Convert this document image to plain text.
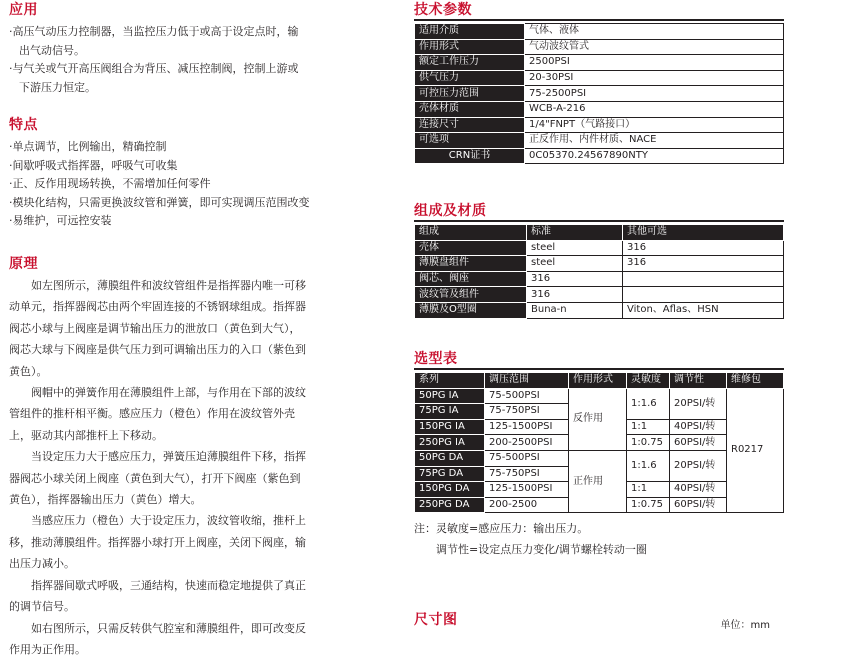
应用
·高压气动压力控制器，当监控压力低于或高于设定点时，输
出气动信号。
·与气关或气开高压阀组合为背压、减压控制阀，控制上游或
下游压力恒定。
特点
·单点调节，比例输出，精确控制
·间歇呼吸式指挥器，呼吸气可收集
·正、反作用现场转换，不需增加任何零件
·模块化结构，只需更换波纹管和弹簧，即可实现调压范围改变
·易维护，可远控安装
原理
　　如左图所示，薄膜组件和波纹管组件是指挥器内唯一可移
动单元，指挥器阀芯由两个牢固连接的不锈钢球组成。指挥器
阀芯小球与上阀座是调节输出压力的泄放口（黄色到大气），
阀芯大球与下阀座是供气压力到可调输出压力的入口（紫色到
黄色）。
　　阀帽中的弹簧作用在薄膜组件上部，与作用在下部的波纹
管组件的推杆相平衡。感应压力（橙色）作用在波纹管外壳
上，驱动其内部推杆上下移动。
　　当设定压力大于感应压力，弹簧压迫薄膜组件下移，指挥
器阀芯小球关闭上阀座（黄色到大气），打开下阀座（紫色到
黄色），指挥器输出压力（黄色）增大。
　　当感应压力（橙色）大于设定压力，波纹管收缩，推杆上
移，推动薄膜组件。指挥器小球打开上阀座，关闭下阀座，输
出压力减小。
　　指挥器间歇式呼吸，三通结构，快速而稳定地提供了真正
的调节信号。
　　如右图所示，只需反转供气腔室和薄膜组件，即可改变反
作用为正作用。
技术参数
适用介质	气体、液体
作用形式	气动波纹管式
额定工作压力	2500PSI
供气压力	20-30PSI
可控压力范围	75-2500PSI
壳体材质	WCB-A-216
连接尺寸	1/4"FNPT（气路接口）
可选项	正反作用、内件材质、NACE
CRN证书	0C05370.24567890NTY
组成及材质
组成	标准	其他可选
壳体	steel	316
薄膜盘组件	steel	316
阀芯、阀座	316	
波纹管及组件	316	
薄膜及O型圈	Buna-n	Viton、Aflas、HSN
选型表
系列	调压范围	作用形式	灵敏度	调节性	维修包
50PG IA	75-500PSI	反作用	1:1.6	20PSI/转	R0217
75PG IA	75-750PSI				
150PG IA	125-1500PSI		1:1	40PSI/转	
250PG IA	200-2500PSI		1:0.75	60PSI/转	
50PG DA	75-500PSI	正作用	1:1.6	20PSI/转	
75PG DA	75-750PSI				
150PG DA	125-1500PSI		1:1	40PSI/转	
250PG DA	200-2500		1:0.75	60PSI/转	
注：灵敏度=感应压力：输出压力。
　　调节性=设定点压力变化/调节螺栓转动一圈
尺寸图	单位：mm
